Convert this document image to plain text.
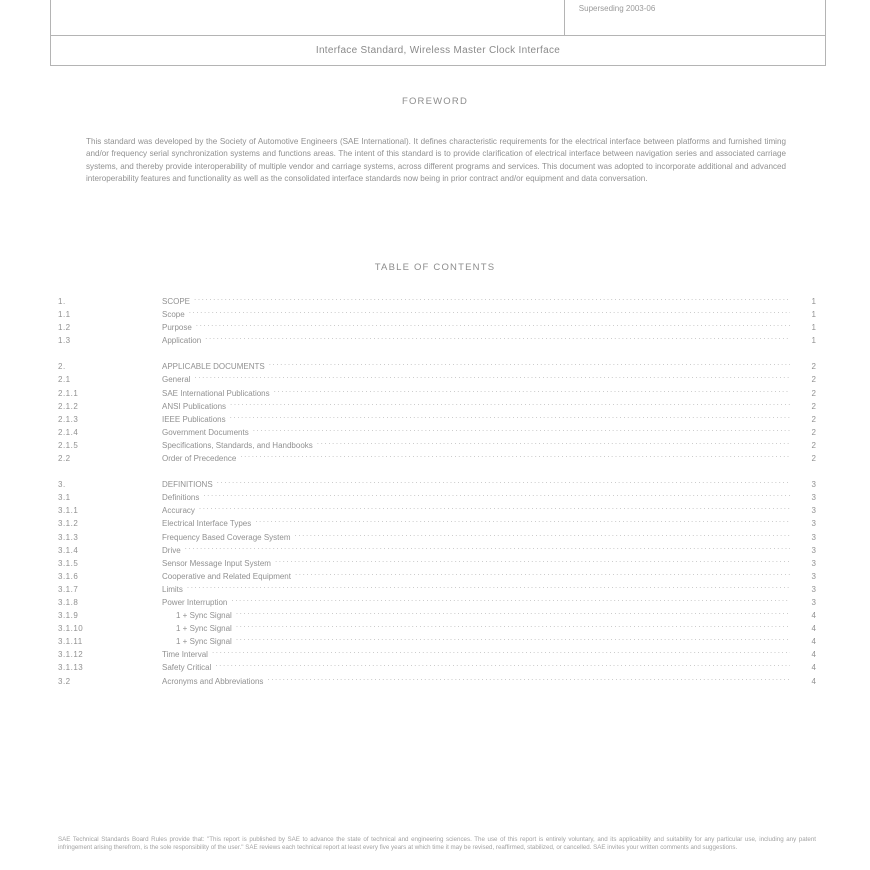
Superseding 2003-06	

Interface Standard, Wireless Master Clock Interface
FOREWORD
This standard was developed by the Society of Automotive Engineers (SAE International). It defines characteristic requirements for the electrical interface between platforms and furnished timing and/or frequency serial synchronization systems and functions areas. The intent of this standard is to provide clarification of electrical interface between navigation series and associated carriage systems, and thereby provide interoperability of multiple vendor and carriage systems, across different programs and services. This document was adopted to incorporate additional and advanced interoperability features and functionality as well as the consolidated interface standards now being in prior contract and/or equipment and data conversation.
TABLE OF CONTENTS
1.	SCOPE .....	1
1.1	Scope .....	1
1.2	Purpose .....	1
1.3	Application .....	1
2.	APPLICABLE DOCUMENTS .....	2
2.1	General .....	2
2.1.1	SAE International Publications .....	2
2.1.2	ANSI Publications .....	2
2.1.3	IEEE Publications .....	2
2.1.4	Government Documents .....	2
2.1.5	Specifications, Standards, and Handbooks .....	2
2.2	Order of Precedence .....	2
3.	DEFINITIONS .....	3
3.1	Definitions .....	3
3.1.1	Accuracy .....	3
3.1.2	Electrical Interface Types .....	3
3.1.3	Frequency Based Coverage System .....	3
3.1.4	Drive .....	3
3.1.5	Sensor Message Input System .....	3
3.1.6	Cooperative and Related Equipment .....	3
3.1.7	Limits .....	3
3.1.8	Power Interruption .....	3
3.1.9	1 + Sync Signal .....	4
3.1.10	1 + Sync Signal .....	4
3.1.11	1 + Sync Signal .....	4
3.1.12	Time Interval .....	4
3.1.13	Safety Critical .....	4
3.2	Acronyms and Abbreviations .....	4
SAE Technical Standards Board Rules provide that: "This report is published by SAE to advance the state of technical and engineering sciences. The use of this report is entirely voluntary, and its applicability and suitability for any particular use, including any patent infringement arising therefrom, is the sole responsibility of the user." SAE reviews each technical report at least every five years at which time it may be revised, reaffirmed, stabilized, or cancelled. SAE invites your written comments and suggestions.
